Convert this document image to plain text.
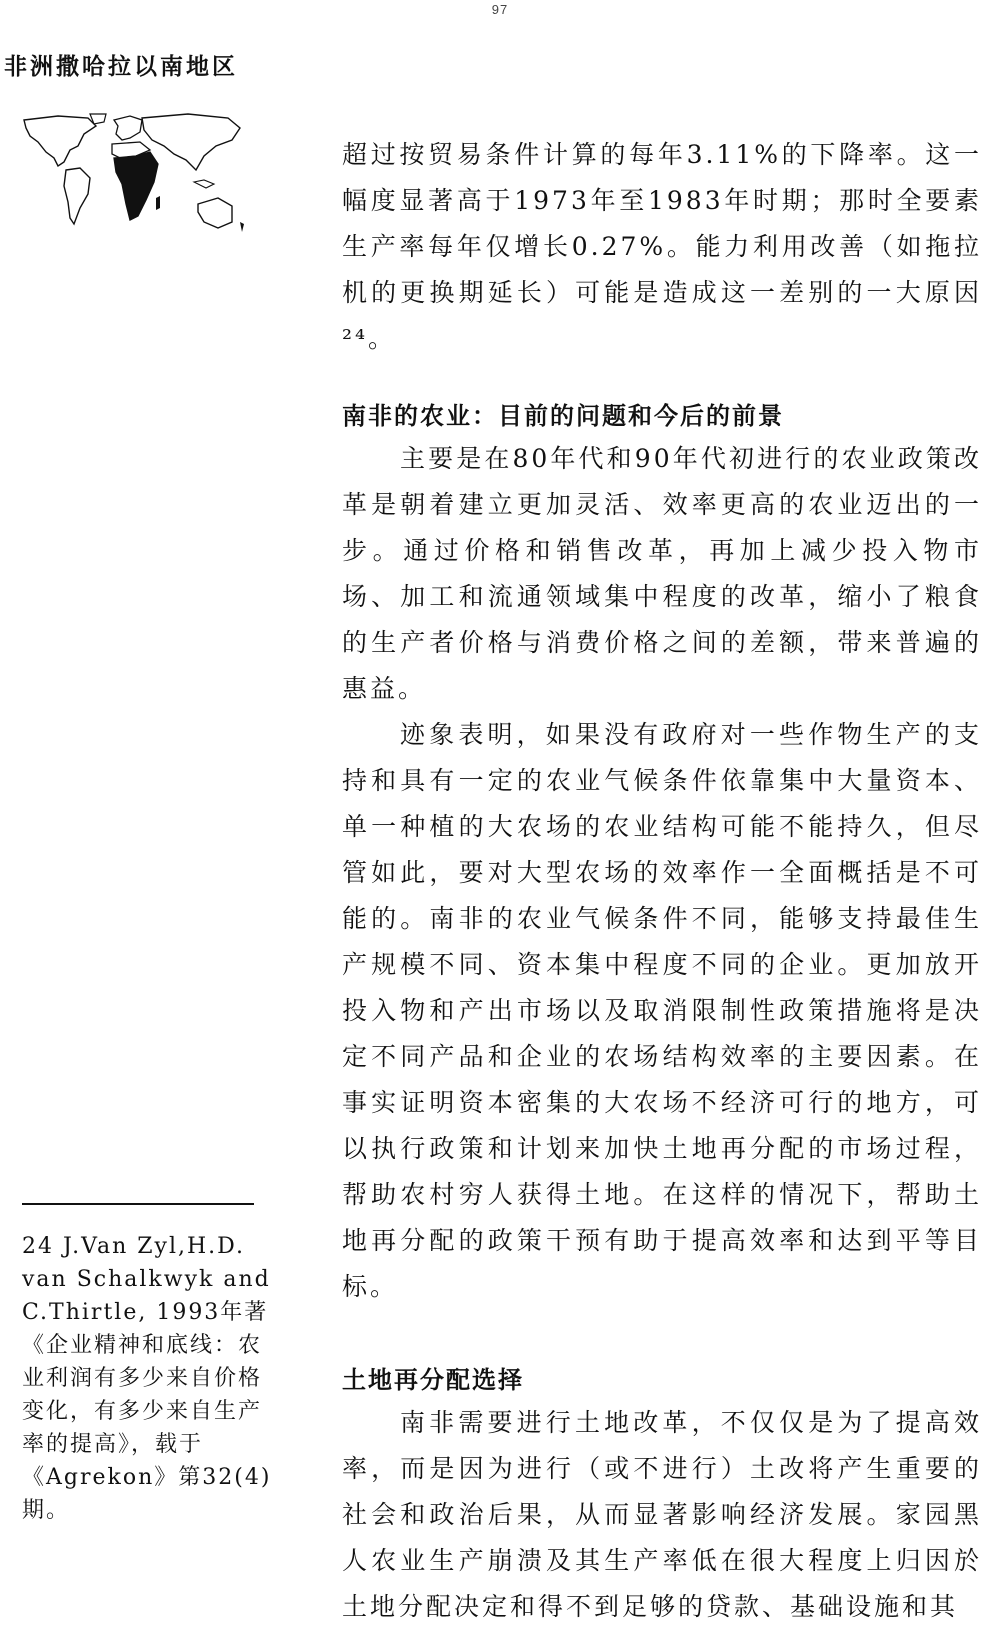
97
非洲撒哈拉以南地区

超过按贸易条件计算的每年3.11%的下降率。这一幅度显著高于1973年至1983年时期；那时全要素生产率每年仅增长0.27%。能力利用改善（如拖拉机的更换期延长）可能是造成这一差别的一大原因²⁴。

南非的农业：目前的问题和今后的前景

主要是在80年代和90年代初进行的农业政策改革是朝着建立更加灵活、效率更高的农业迈出的一步。通过价格和销售改革，再加上减少投入物市场、加工和流通领域集中程度的改革，缩小了粮食的生产者价格与消费价格之间的差额，带来普遍的惠益。

迹象表明，如果没有政府对一些作物生产的支持和具有一定的农业气候条件依靠集中大量资本、单一种植的大农场的农业结构可能不能持久，但尽管如此，要对大型农场的效率作一全面概括是不可能的。南非的农业气候条件不同，能够支持最佳生产规模不同、资本集中程度不同的企业。更加放开投入物和产出市场以及取消限制性政策措施将是决定不同产品和企业的农场结构效率的主要因素。在事实证明资本密集的大农场不经济可行的地方，可以执行政策和计划来加快土地再分配的市场过程，帮助农村穷人获得土地。在这样的情况下，帮助土地再分配的政策干预有助于提高效率和达到平等目标。

土地再分配选择

南非需要进行土地改革，不仅仅是为了提高效率，而是因为进行（或不进行）土改将产生重要的社会和政治后果，从而显著影响经济发展。家园黑人农业生产崩溃及其生产率低在很大程度上归因於土地分配决定和得不到足够的贷款、基础设施和其

24 J.Van Zyl,H.D. van Schalkwyk and C.Thirtle, 1993年著《企业精神和底线：农业利润有多少来自价格变化，有多少来自生产率的提高》，载于《Agrekon》第32(4)期。
